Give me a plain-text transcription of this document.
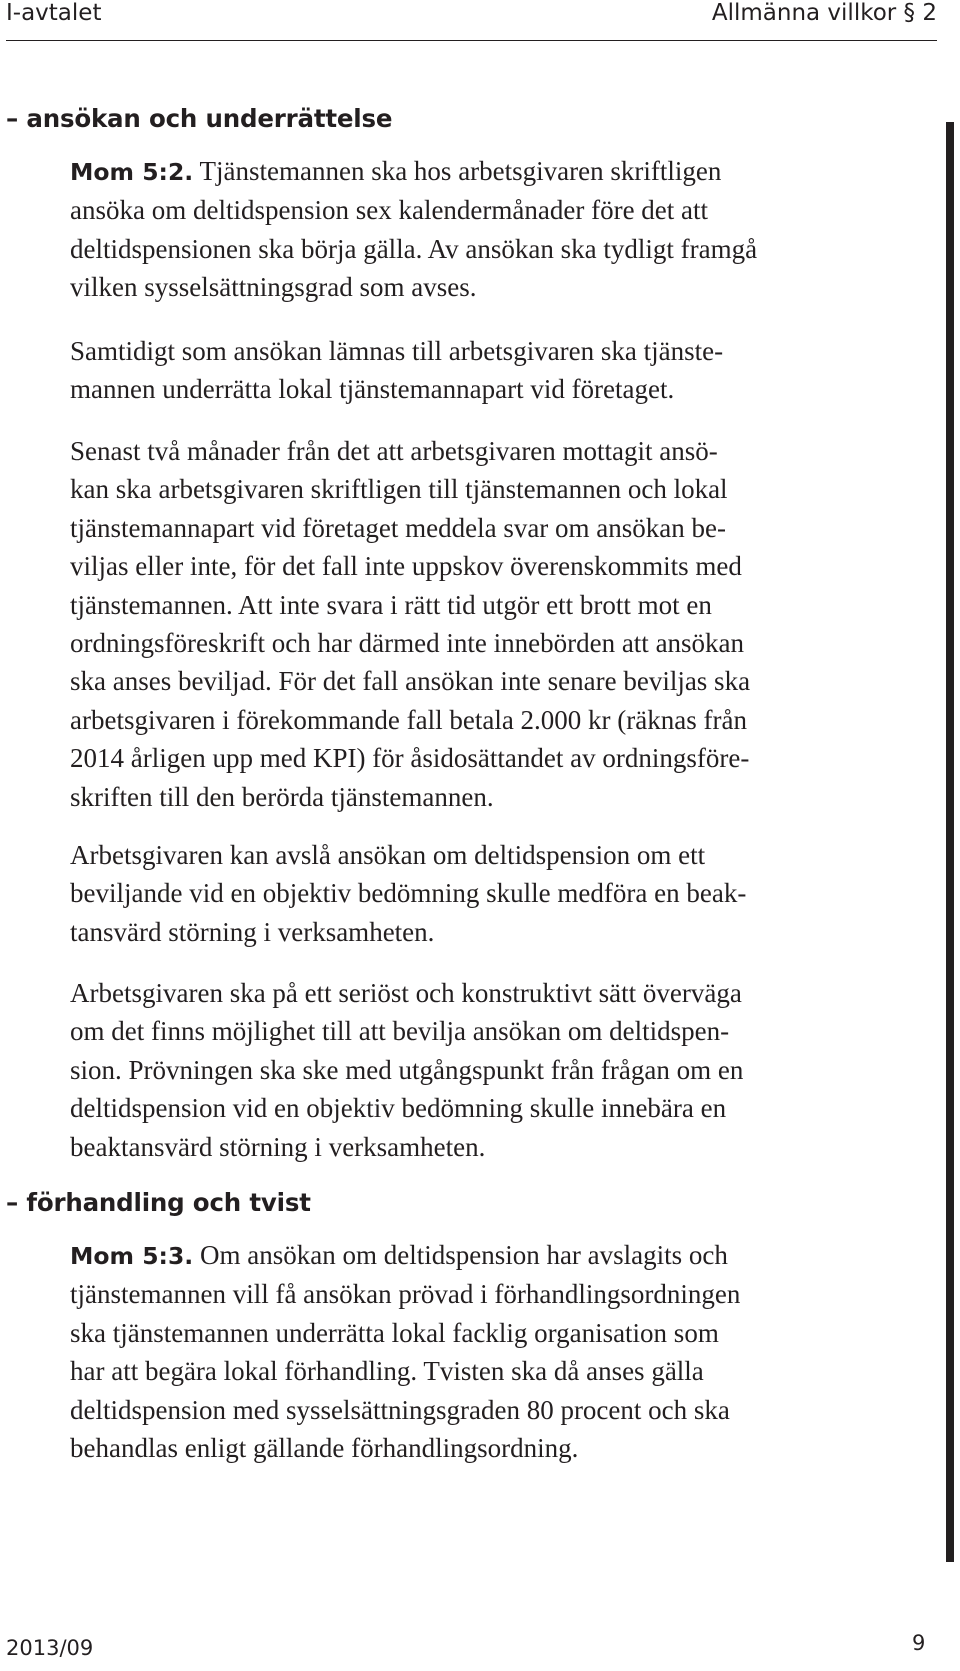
I-avtalet	Allmänna villkor § 2
– ansökan och underrättelse
Mom 5:2. Tjänstemannen ska hos arbetsgivaren skriftligen
ansöka om deltidspension sex kalendermånader före det att
deltidspensionen ska börja gälla. Av ansökan ska tydligt framgå
vilken sysselsättningsgrad som avses.
Samtidigt som ansökan lämnas till arbetsgivaren ska tjänste-
mannen underrätta lokal tjänstemannapart vid företaget.
Senast två månader från det att arbetsgivaren mottagit ansö-
kan ska arbetsgivaren skriftligen till tjänstemannen och lokal
tjänstemannapart vid företaget meddela svar om ansökan be-
viljas eller inte, för det fall inte uppskov överenskommits med
tjänstemannen. Att inte svara i rätt tid utgör ett brott mot en
ordningsföreskrift och har därmed inte innebörden att ansökan
ska anses beviljad. För det fall ansökan inte senare beviljas ska
arbetsgivaren i förekommande fall betala 2.000 kr (räknas från
2014 årligen upp med KPI) för åsidosättandet av ordningsföre-
skriften till den berörda tjänstemannen.
Arbetsgivaren kan avslå ansökan om deltidspension om ett
beviljande vid en objektiv bedömning skulle medföra en beak-
tansvärd störning i verksamheten.
Arbetsgivaren ska på ett seriöst och konstruktivt sätt överväga
om det finns möjlighet till att bevilja ansökan om deltidspen-
sion. Prövningen ska ske med utgångspunkt från frågan om en
deltidspension vid en objektiv bedömning skulle innebära en
beaktansvärd störning i verksamheten.
– förhandling och tvist
Mom 5:3. Om ansökan om deltidspension har avslagits och
tjänstemannen vill få ansökan prövad i förhandlingsordningen
ska tjänstemannen underrätta lokal facklig organisation som
har att begära lokal förhandling. Tvisten ska då anses gälla
deltidspension med sysselsättningsgraden 80 procent och ska
behandlas enligt gällande förhandlingsordning.
2013/09	9
